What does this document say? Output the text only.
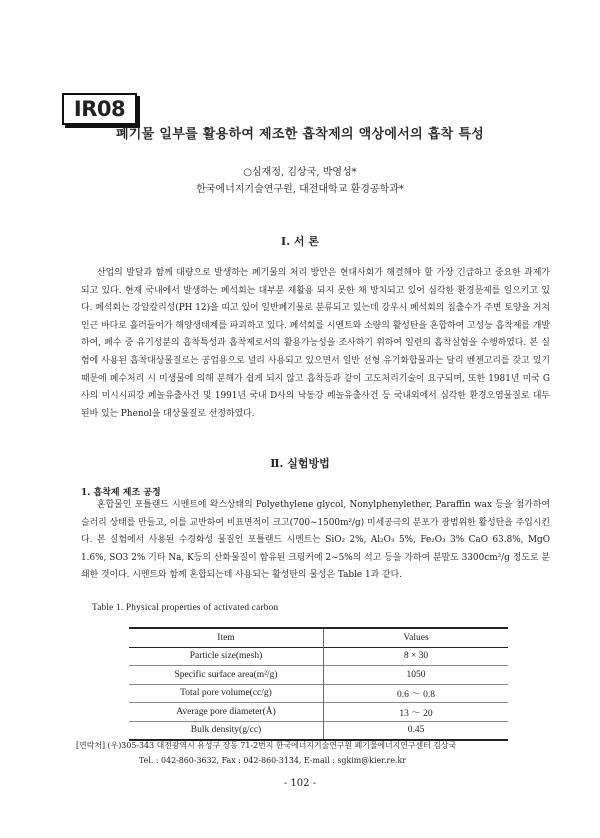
IR08
폐기물 일부를 활용하여 제조한 흡착제의 액상에서의 흡착 특성
○심재정, 김상국, 박영성*
한국에너지기술연구원, 대전대학교 환경공학과*
Ⅰ. 서 론
산업의 발달과 함께 대량으로 발생하는 폐기물의 처리 방안은 현대사회가 해결해야 할 가장 긴급하고 중요한 과제가 되고 있다. 현재 국내에서 발생하는 폐석회는 대부분 재활용 되지 못한 채 방치되고 있어 심각한 환경문제를 일으키고 있다. 폐석회는 강알칼리성(PH 12)을 띠고 있어 일반폐기물로 분류되고 있는데 강우시 폐석회의 침출수가 주변 토양을 거쳐 인근 바다로 흘러들어가 해양생태계를 파괴하고 있다. 폐석회를 시멘트와 소량의 활성탄을 혼합하여 고성능 흡착제를 개발하여, 폐수 중 유기성분의 흡착특성과 흡착제로서의 활용가능성을 조사하기 위하여 일련의 흡착실험을 수행하였다. 본 실험에 사용된 흡착대상물질로는 공업용으로 널리 사용되고 있으면서 일반 선형 유기화합물과는 달리 벤젠고리를 갖고 있기 때문에 폐수처리 시 미생물에 의해 분해가 쉽게 되지 않고 흡착등과 같이 고도처리기술이 요구되며, 또한 1981년 미국 G사의 미시시피강 페놀유출사건 및 1991년 국내 D사의 낙동강 페놀유출사건 등 국내외에서 심각한 환경오염물질로 대두된바 있는 Phenol을 대상물질로 선정하였다.
Ⅱ. 실험방법
1. 흡착제 제조 공정
혼합물인 포틀랜드 시멘트에 왁스상태의 Polyethylene glycol, Nonylphenylether, Paraffin wax 등을 첨가하여 슬러리 상태를 만들고, 이를 교반하여 비표면적이 크고(700~1500m²/g) 미세공극의 분포가 광범위한 활성탄을 주입시킨다. 본 실험에서 사용된 수경화성 물질인 포틀랜드 시멘트는 SiO₂ 2%, Al₂O₃ 5%, Fe₂O₃ 3% CaO 63.8%, MgO 1.6%, SO3 2% 기타 Na, K등의 산화물질이 함유된 크링커에 2~5%의 석고 등을 가하여 분말도 3300cm²/g 정도로 분쇄한 것이다. 시멘트와 함께 혼합되는데 사용되는 활성탄의 물성은 Table 1과 같다.
Table 1. Physical properties of activated carbon
Item	Values
Particle size(mesh)	8 × 30
Specific surface area(m²/g)	1050
Total pore volume(cc/g)	0.6 ～ 0.8
Average pore diameter(Å)	13 ～ 20
Bulk density(g/cc)	0.45
[연락처] (우)305-343 대전광역시 유성구 장동 71-2번지 한국에너지기술연구원 폐기물에너지연구센터 김상국
Tel. : 042-860-3632, Fax : 042-860-3134, E-mail : sgkim@kier.re.kr
- 102 -
